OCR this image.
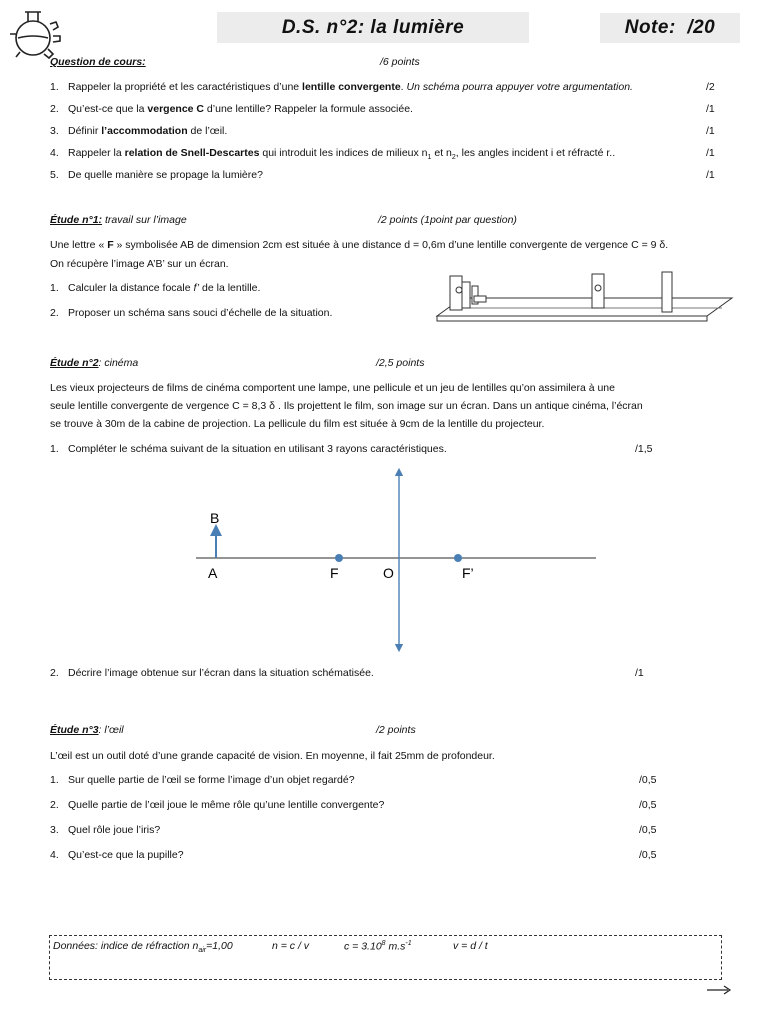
D.S. n°2: la lumière	Note:  /20
Question de cours:	/6 points
1. Rappeler la propriété et les caractéristiques d’une lentille convergente. Un schéma pourra appuyer votre argumentation.	/2
2. Qu’est-ce que la vergence C d’une lentille? Rappeler la formule associée.	/1
3. Définir l’accommodation de l’œil.	/1
4. Rappeler la relation de Snell-Descartes qui introduit les indices de milieux $n_1$ et $n_2$, les angles incident i et réfracté r..	/1
5. De quelle manière se propage la lumière?	/1
Étude n°1: travail sur l’image	/2 points (1point par question)
Une lettre « F » symbolisée AB de dimension 2cm est située à une distance d = 0,6m d’une lentille convergente de vergence C = 9 δ.
On récupère l’image A’B’ sur un écran.
1. Calculer la distance focale f’ de la lentille.
2. Proposer un schéma sans souci d’échelle de la situation.
Étude n°2: cinéma	/2,5 points
Les vieux projecteurs de films de cinéma comportent une lampe, une pellicule et un jeu de lentilles qu’on assimilera à une
seule lentille convergente de vergence C = 8,3 δ . Ils projettent le film, son image sur un écran. Dans un antique cinéma, l’écran
se trouve à 30m de la cabine de projection. La pellicule du film est située à 9cm de la lentille du projecteur.
1. Compléter le schéma suivant de la situation en utilisant 3 rayons caractéristiques.	/1,5
B
A	F	O	F’
2. Décrire l’image obtenue sur l’écran dans la situation schématisée.	/1
Étude n°3: l’œil	/2 points
L’œil est un outil doté d’une grande capacité de vision. En moyenne, il fait 25mm de profondeur.
1. Sur quelle partie de l’œil se forme l’image d’un objet regardé?	/0,5
2. Quelle partie de l’œil joue le même rôle qu’une lentille convergente?	/0,5
3. Quel rôle joue l’iris?	/0,5
4. Qu’est-ce que la pupille?	/0,5
Données: indice de réfraction $n_{air}=1,00$	n = c / v	$c = 3.10^8$ $m.s^{-1}$	v = d / t
